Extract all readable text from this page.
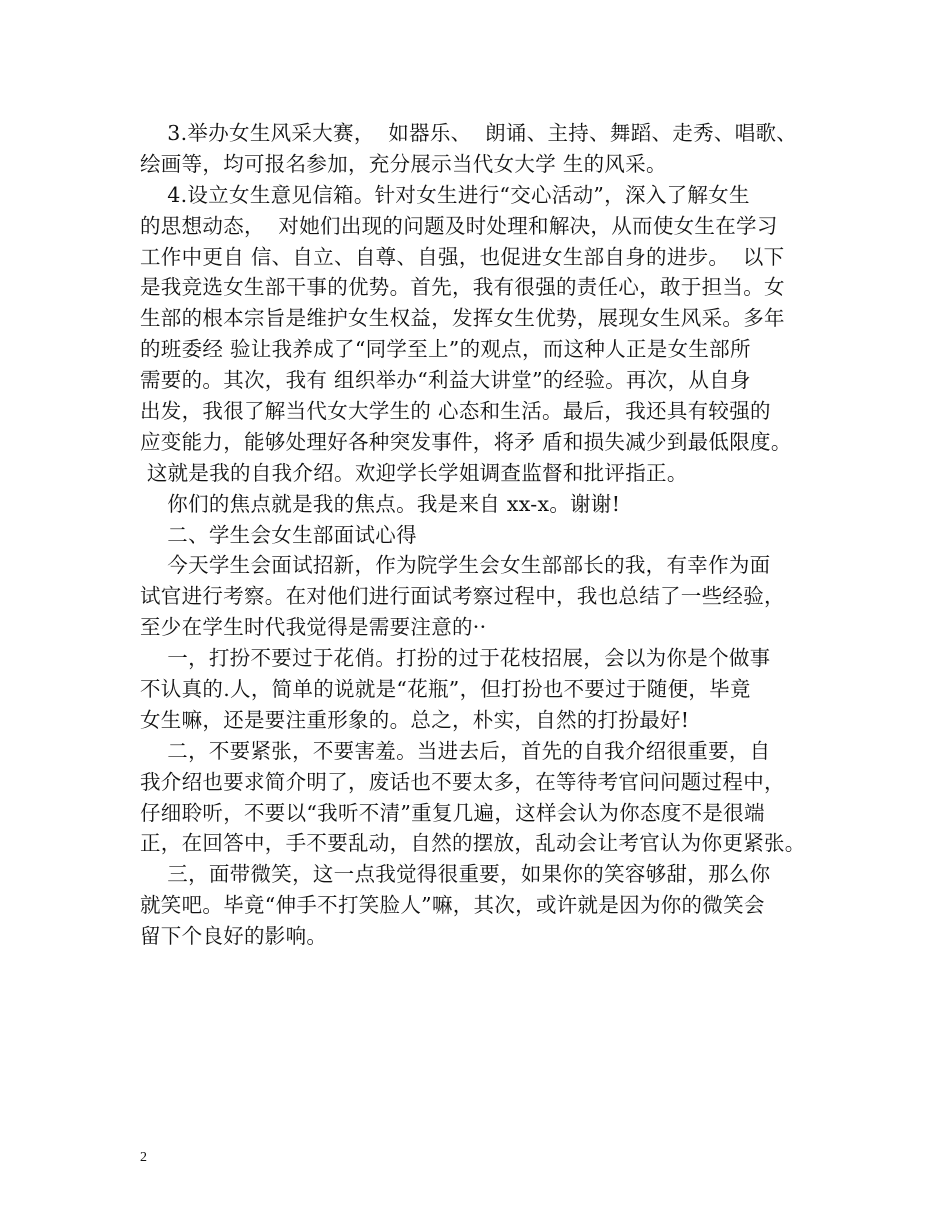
3.举办女生风采大赛，  如器乐、  朗诵、主持、舞蹈、走秀、唱歌、
绘画等，均可报名参加，充分展示当代女大学 生的风采。
4.设立女生意见信箱。针对女生进行“交心活动”，深入了解女生
的思想动态，  对她们出现的问题及时处理和解决，从而使女生在学习
工作中更自 信、自立、自尊、自强，也促进女生部自身的进步。  以下
是我竞选女生部干事的优势。首先，我有很强的责任心，敢于担当。女
生部的根本宗旨是维护女生权益，发挥女生优势，展现女生风采。多年
的班委经 验让我养成了“同学至上”的观点，而这种人正是女生部所
需要的。其次，我有 组织举办“利益大讲堂”的经验。再次，从自身
出发，我很了解当代女大学生的 心态和生活。最后，我还具有较强的
应变能力，能够处理好各种突发事件，将矛 盾和损失减少到最低限度。
这就是我的自我介绍。欢迎学长学姐调查监督和批评指正。
你们的焦点就是我的焦点。我是来自 xx-x。谢谢!
二、学生会女生部面试心得
今天学生会面试招新，作为院学生会女生部部长的我，有幸作为面
试官进行考察。在对他们进行面试考察过程中，我也总结了一些经验，
至少在学生时代我觉得是需要注意的··
一，打扮不要过于花俏。打扮的过于花枝招展，会以为你是个做事
不认真的.人，简单的说就是“花瓶”，但打扮也不要过于随便，毕竟
女生嘛，还是要注重形象的。总之，朴实，自然的打扮最好!
二，不要紧张，不要害羞。当进去后，首先的自我介绍很重要，自
我介绍也要求简介明了，废话也不要太多，在等待考官问问题过程中，
仔细聆听，不要以“我听不清”重复几遍，这样会认为你态度不是很端
正，在回答中，手不要乱动，自然的摆放，乱动会让考官认为你更紧张。
三，面带微笑，这一点我觉得很重要，如果你的笑容够甜，那么你
就笑吧。毕竟“伸手不打笑脸人”嘛，其次，或许就是因为你的微笑会
留下个良好的影响。
2
